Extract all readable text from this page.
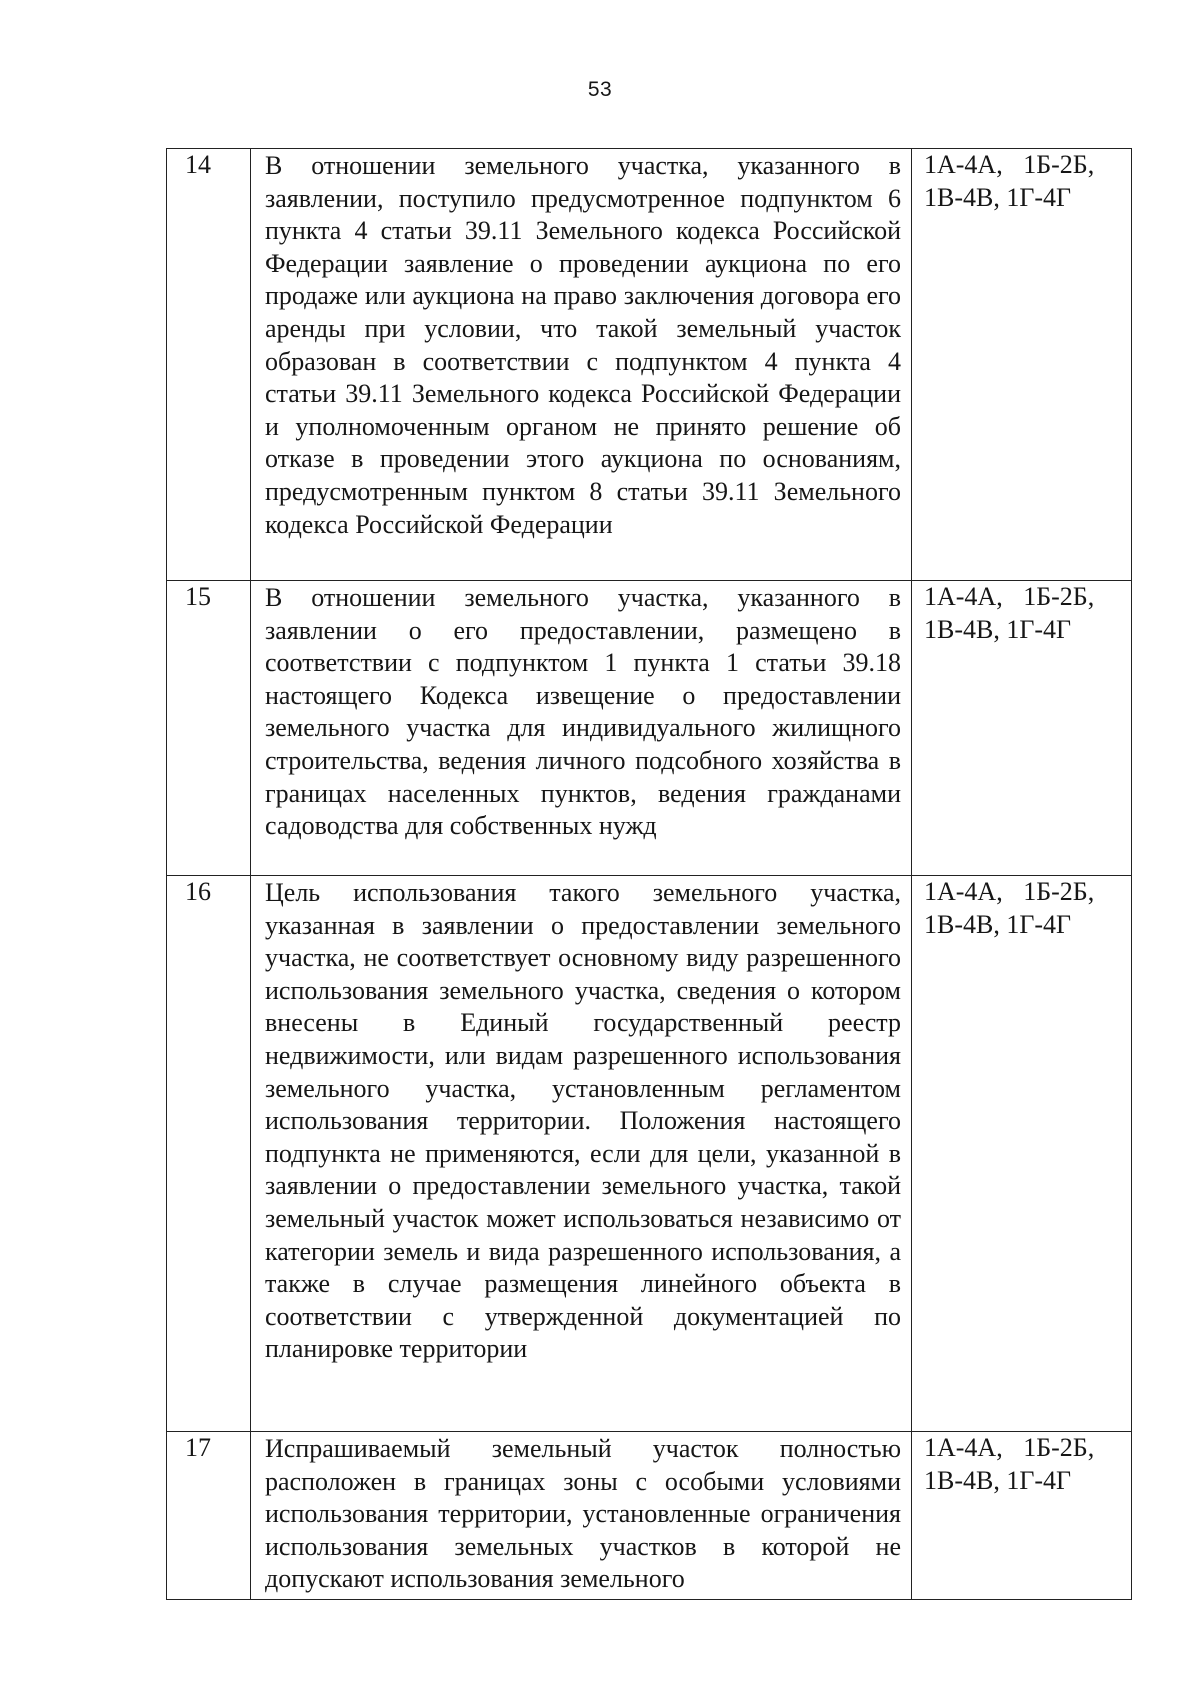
53
14	В отношении земельного участка, указанного в заявлении, поступило предусмотренное подпунктом 6 пункта 4 статьи 39.11 Земельного кодекса Российской Федерации заявление о проведении аукциона по его продаже или аукциона на право заключения договора его аренды при условии, что такой земельный участок образован в соответствии с подпунктом 4 пункта 4 статьи 39.11 Земельного кодекса Российской Федерации и уполномоченным органом не принято решение об отказе в проведении этого аукциона по основаниям, предусмотренным пунктом 8 статьи 39.11 Земельного кодекса Российской Федерации	1А-4А, 1Б-2Б,
1В-4В, 1Г-4Г

15	В отношении земельного участка, указанного в заявлении о его предоставлении, размещено в соответствии с подпунктом 1 пункта 1 статьи 39.18 настоящего Кодекса извещение о предоставлении земельного участка для индивидуального жилищного строительства, ведения личного подсобного хозяйства в границах населенных пунктов, ведения гражданами садоводства для собственных нужд	1А-4А, 1Б-2Б,
1В-4В, 1Г-4Г

16	Цель использования такого земельного участка, указанная в заявлении о предоставлении земельного участка, не соответствует основному виду разрешенного использования земельного участка, сведения о котором внесены в Единый государственный реестр недвижимости, или видам разрешенного использования земельного участка, установленным регламентом использования территории. Положения настоящего подпункта не применяются, если для цели, указанной в заявлении о предоставлении земельного участка, такой земельный участок может использоваться независимо от категории земель и вида разрешенного использования, а также в случае размещения линейного объекта в соответствии с утвержденной документацией по планировке территории	1А-4А, 1Б-2Б,
1В-4В, 1Г-4Г

17	Испрашиваемый земельный участок полностью расположен в границах зоны с особыми условиями использования территории, установленные ограничения использования земельных участков в которой не допускают использования земельного	1А-4А, 1Б-2Б,
1В-4В, 1Г-4Г
